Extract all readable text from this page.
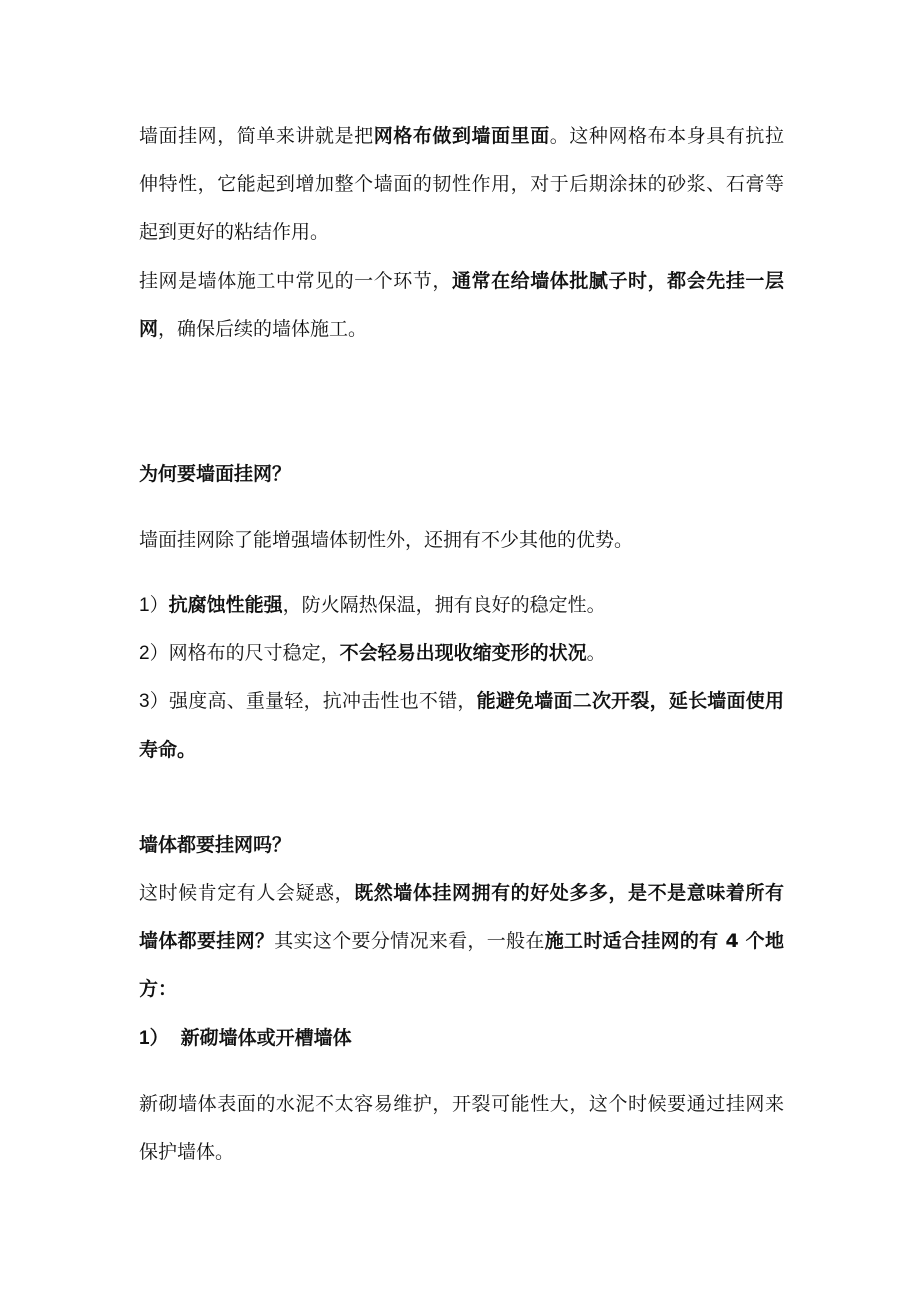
墙面挂网，简单来讲就是把网格布做到墙面里面。这种网格布本身具有抗拉伸特性，它能起到增加整个墙面的韧性作用，对于后期涂抹的砂浆、石膏等起到更好的粘结作用。

挂网是墙体施工中常见的一个环节，通常在给墙体批腻子时，都会先挂一层网，确保后续的墙体施工。

为何要墙面挂网？

墙面挂网除了能增强墙体韧性外，还拥有不少其他的优势。

1）抗腐蚀性能强，防火隔热保温，拥有良好的稳定性。

2）网格布的尺寸稳定，不会轻易出现收缩变形的状况。

3）强度高、重量轻，抗冲击性也不错，能避免墙面二次开裂，延长墙面使用寿命。

墙体都要挂网吗？

这时候肯定有人会疑惑，既然墙体挂网拥有的好处多多，是不是意味着所有墙体都要挂网？其实这个要分情况来看，一般在施工时适合挂网的有 4 个地方：

1） 新砌墙体或开槽墙体

新砌墙体表面的水泥不太容易维护，开裂可能性大，这个时候要通过挂网来保护墙体。
